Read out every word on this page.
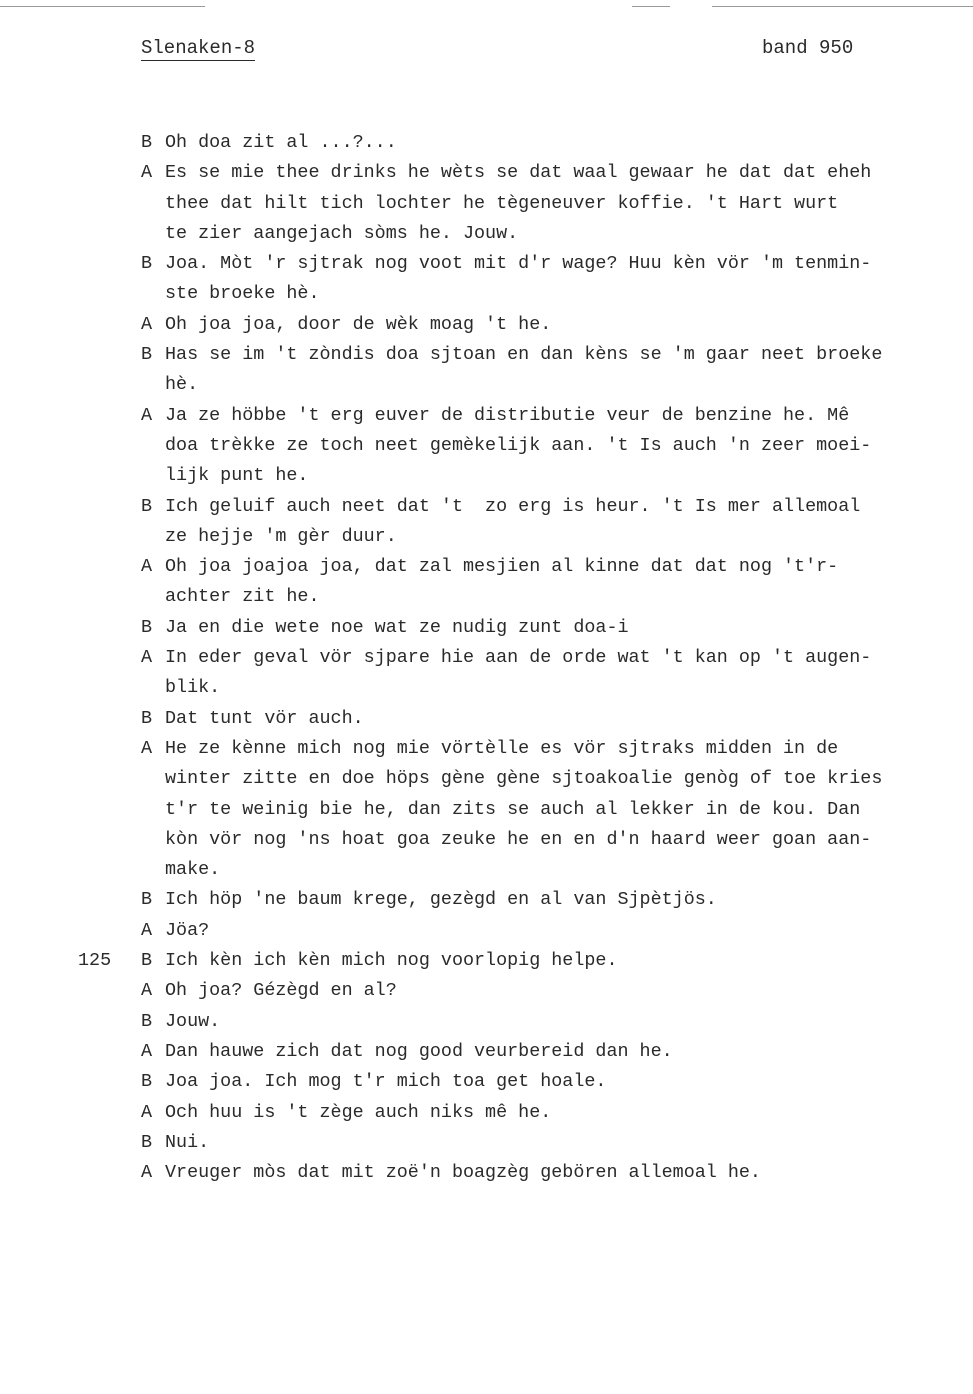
Slenaken-8	band 950
B Oh doa zit al ...?...
A Es se mie thee drinks he wèts se dat waal gewaar he dat dat eheh
thee dat hilt tich lochter he tègeneuver koffie. 't Hart wurt
te zier aangejach sòms he. Jouw.
B Joa. Mòt 'r sjtrak nog voot mit d'r wage? Huu kèn vör 'm tenmin-
ste broeke hè.
A Oh joa joa, door de wèk moag 't he.
B Has se im 't zòndis doa sjtoan en dan kèns se 'm gaar neet broeke
hè.
A Ja ze höbbe 't erg euver de distributie veur de benzine he. Mê
doa trèkke ze toch neet gemèkelijk aan. 't Is auch 'n zeer moei-
lijk punt he.
B Ich geluif auch neet dat 't  zo erg is heur. 't Is mer allemoal
ze hejje 'm gèr duur.
A Oh joa joajoa joa, dat zal mesjien al kinne dat dat nog 't'r-
achter zit he.
B Ja en die wete noe wat ze nudig zunt doa-i
A In eder geval vör sjpare hie aan de orde wat 't kan op 't augen-
blik.
B Dat tunt vör auch.
A He ze kènne mich nog mie vörtèlle es vör sjtraks midden in de
winter zitte en doe höps gène gène sjtoakoalie genòg of toe kries
t'r te weinig bie he, dan zits se auch al lekker in de kou. Dan
kòn vör nog 'ns hoat goa zeuke he en en d'n haard weer goan aan-
make.
B Ich höp 'ne baum krege, gezègd en al van Sjpètjös.
A Jöa?
125 B Ich kèn ich kèn mich nog voorlopig helpe.
A Oh joa? Gézègd en al?
B Jouw.
A Dan hauwe zich dat nog good veurbereid dan he.
B Joa joa. Ich mog t'r mich toa get hoale.
A Och huu is 't zège auch niks mê he.
B Nui.
A Vreuger mòs dat mit zoë'n boagzèg gebören allemoal he.
